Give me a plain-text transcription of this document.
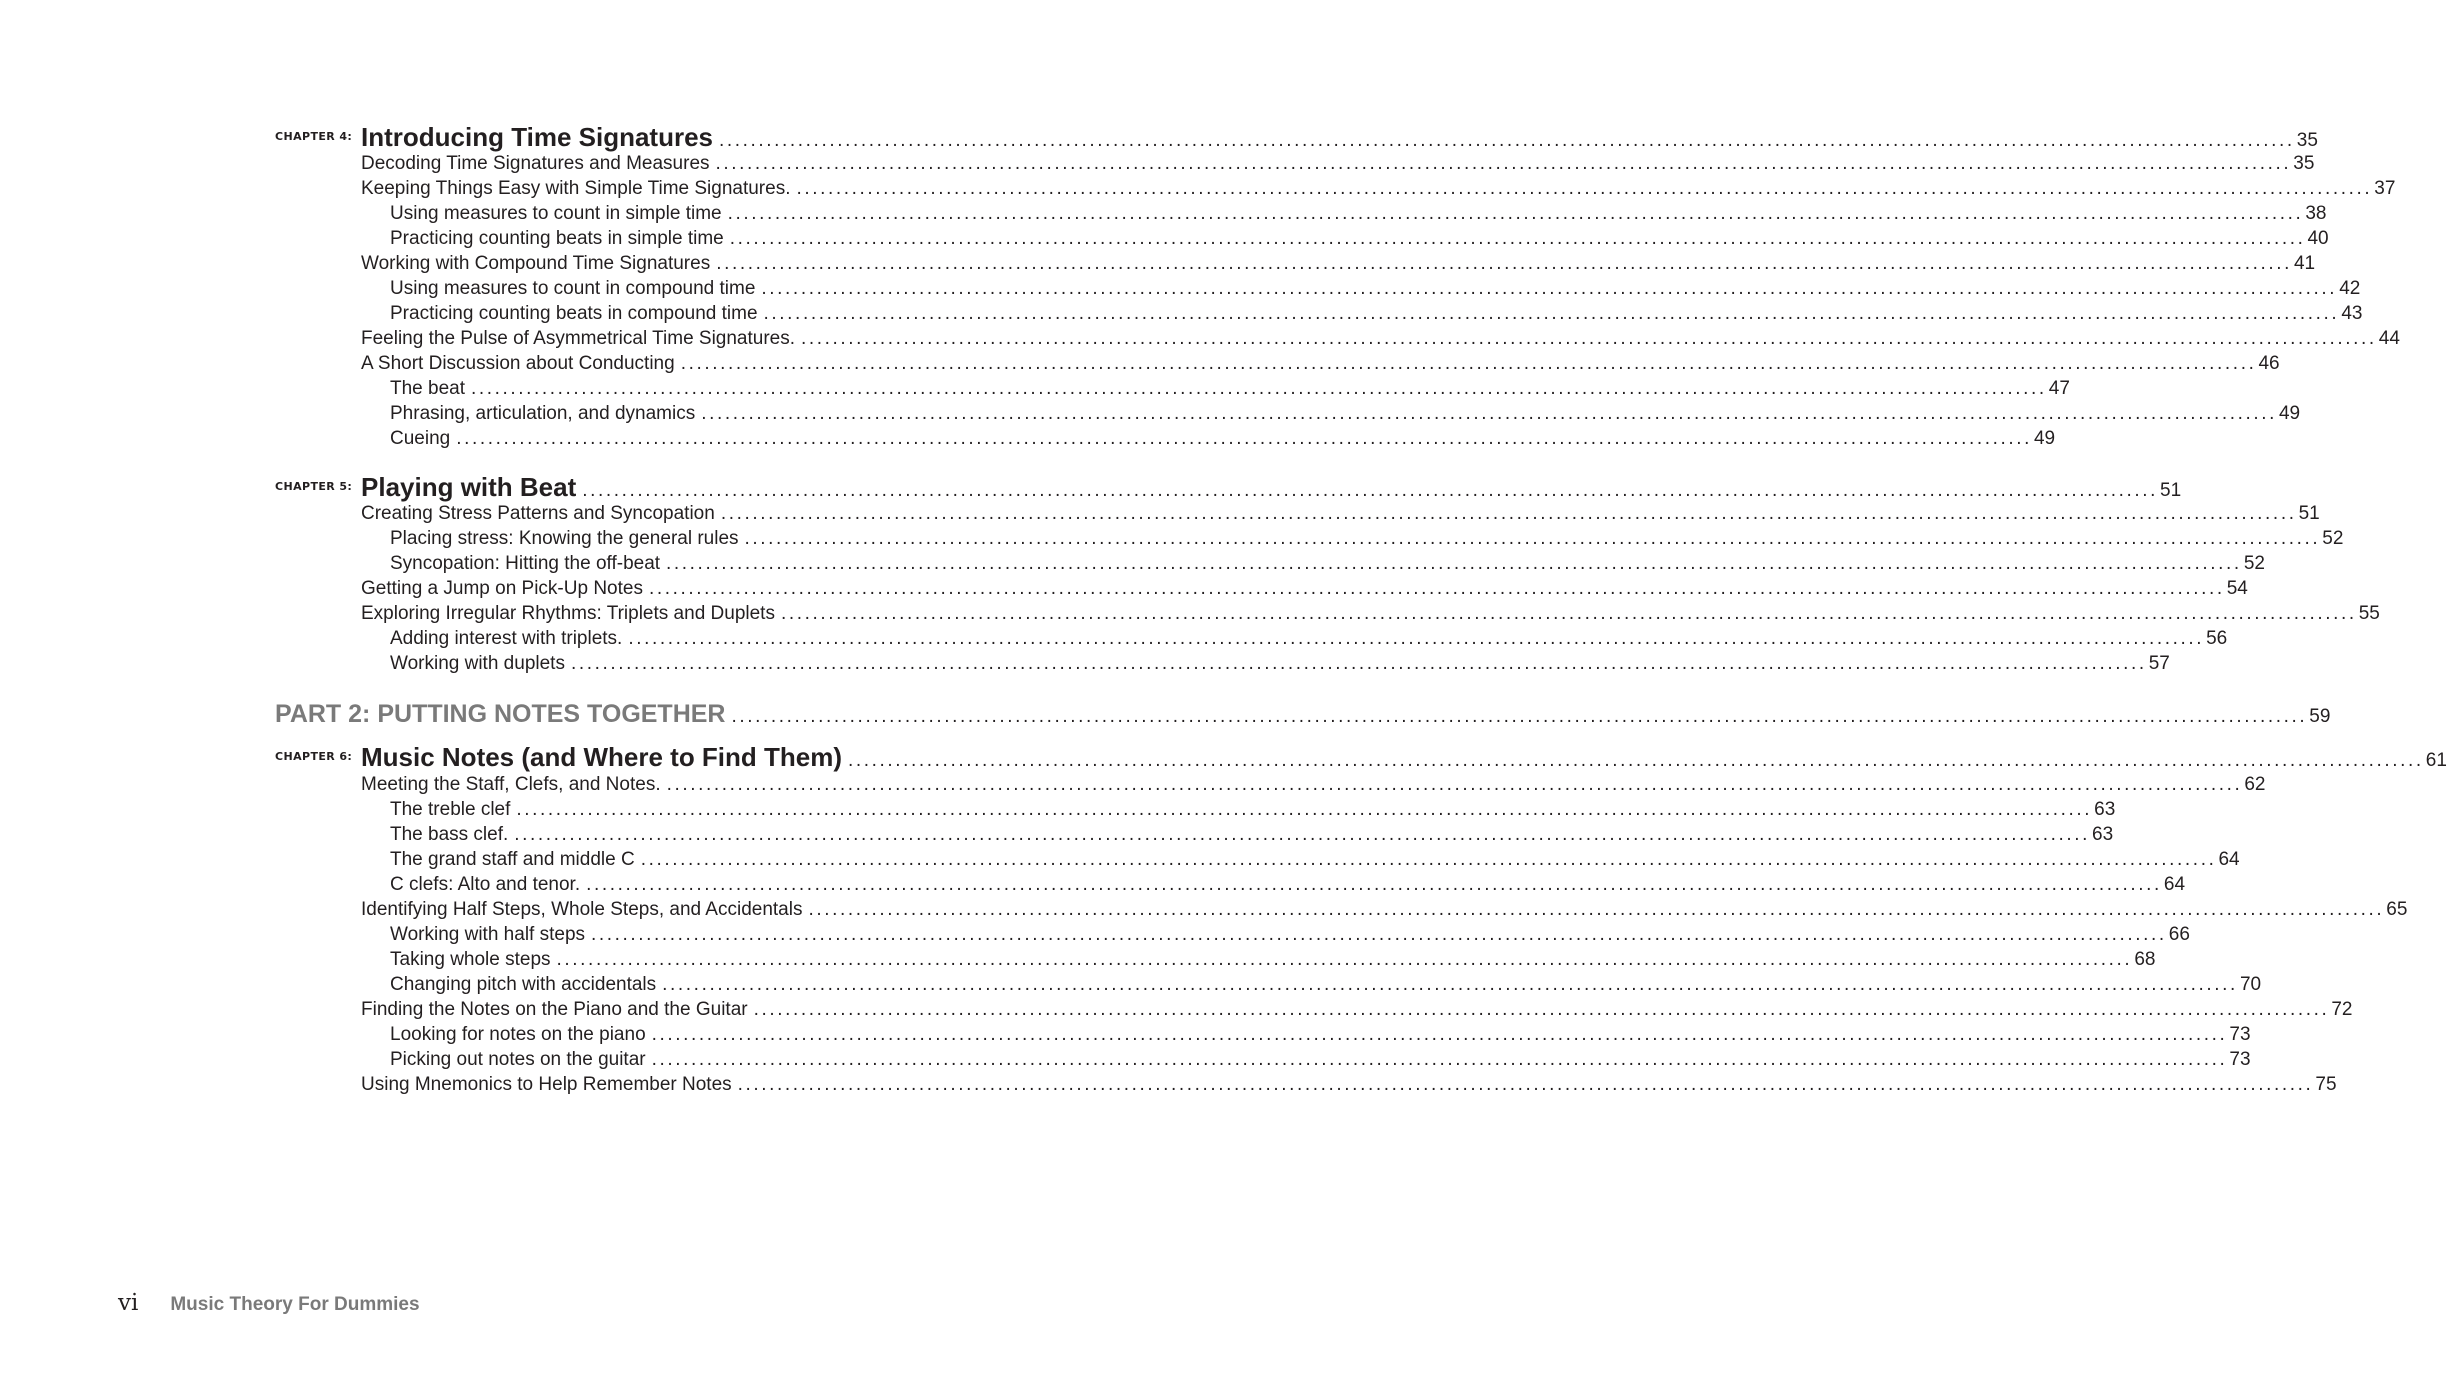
CHAPTER 4: Introducing Time Signatures ........................................................................................................................................................................................................ 35
Decoding Time Signatures and Measures ........................................................................................................................................................................................................ 35
Keeping Things Easy with Simple Time Signatures. ........................................................................................................................................................................................................ 37
Using measures to count in simple time ........................................................................................................................................................................................................ 38
Practicing counting beats in simple time ........................................................................................................................................................................................................ 40
Working with Compound Time Signatures ........................................................................................................................................................................................................ 41
Using measures to count in compound time ........................................................................................................................................................................................................ 42
Practicing counting beats in compound time ........................................................................................................................................................................................................ 43
Feeling the Pulse of Asymmetrical Time Signatures. ........................................................................................................................................................................................................ 44
A Short Discussion about Conducting ........................................................................................................................................................................................................ 46
The beat ........................................................................................................................................................................................................ 47
Phrasing, articulation, and dynamics ........................................................................................................................................................................................................ 49
Cueing ........................................................................................................................................................................................................ 49
CHAPTER 5: Playing with Beat ........................................................................................................................................................................................................ 51
Creating Stress Patterns and Syncopation ........................................................................................................................................................................................................ 51
Placing stress: Knowing the general rules ........................................................................................................................................................................................................ 52
Syncopation: Hitting the off-beat ........................................................................................................................................................................................................ 52
Getting a Jump on Pick-Up Notes ........................................................................................................................................................................................................ 54
Exploring Irregular Rhythms: Triplets and Duplets ........................................................................................................................................................................................................ 55
Adding interest with triplets. ........................................................................................................................................................................................................ 56
Working with duplets ........................................................................................................................................................................................................ 57
PART 2: PUTTING NOTES TOGETHER ........................................................................................................................................................................................................ 59
CHAPTER 6: Music Notes (and Where to Find Them) ........................................................................................................................................................................................................ 61
Meeting the Staff, Clefs, and Notes. ........................................................................................................................................................................................................ 62
The treble clef ........................................................................................................................................................................................................ 63
The bass clef. ........................................................................................................................................................................................................ 63
The grand staff and middle C ........................................................................................................................................................................................................ 64
C clefs: Alto and tenor. ........................................................................................................................................................................................................ 64
Identifying Half Steps, Whole Steps, and Accidentals ........................................................................................................................................................................................................ 65
Working with half steps ........................................................................................................................................................................................................ 66
Taking whole steps ........................................................................................................................................................................................................ 68
Changing pitch with accidentals ........................................................................................................................................................................................................ 70
Finding the Notes on the Piano and the Guitar ........................................................................................................................................................................................................ 72
Looking for notes on the piano ........................................................................................................................................................................................................ 73
Picking out notes on the guitar ........................................................................................................................................................................................................ 73
Using Mnemonics to Help Remember Notes ........................................................................................................................................................................................................ 75
vi Music Theory For Dummies
